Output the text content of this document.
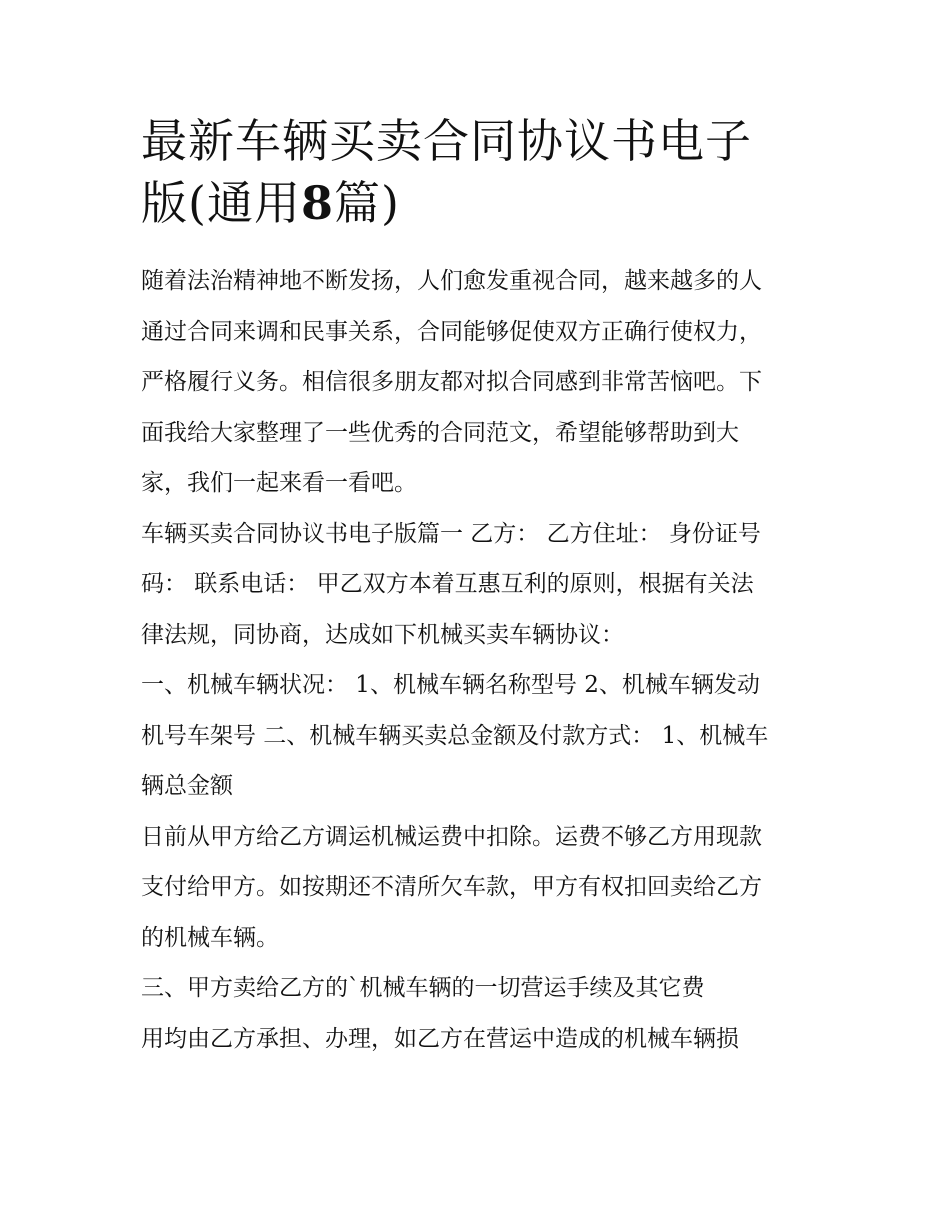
最新车辆买卖合同协议书电子
版(通用8篇)

随着法治精神地不断发扬，人们愈发重视合同，越来越多的人
通过合同来调和民事关系，合同能够促使双方正确行使权力，
严格履行义务。相信很多朋友都对拟合同感到非常苦恼吧。下
面我给大家整理了一些优秀的合同范文，希望能够帮助到大
家，我们一起来看一看吧。

车辆买卖合同协议书电子版篇一 乙方： 乙方住址： 身份证号
码： 联系电话： 甲乙双方本着互惠互利的原则，根据有关法
律法规，同协商，达成如下机械买卖车辆协议：

一、机械车辆状况： 1、机械车辆名称型号 2、机械车辆发动
机号车架号 二、机械车辆买卖总金额及付款方式： 1、机械车
辆总金额

日前从甲方给乙方调运机械运费中扣除。运费不够乙方用现款
支付给甲方。如按期还不清所欠车款，甲方有权扣回卖给乙方
的机械车辆。

三、甲方卖给乙方的`机械车辆的一切营运手续及其它费
用均由乙方承担、办理，如乙方在营运中造成的机械车辆损
